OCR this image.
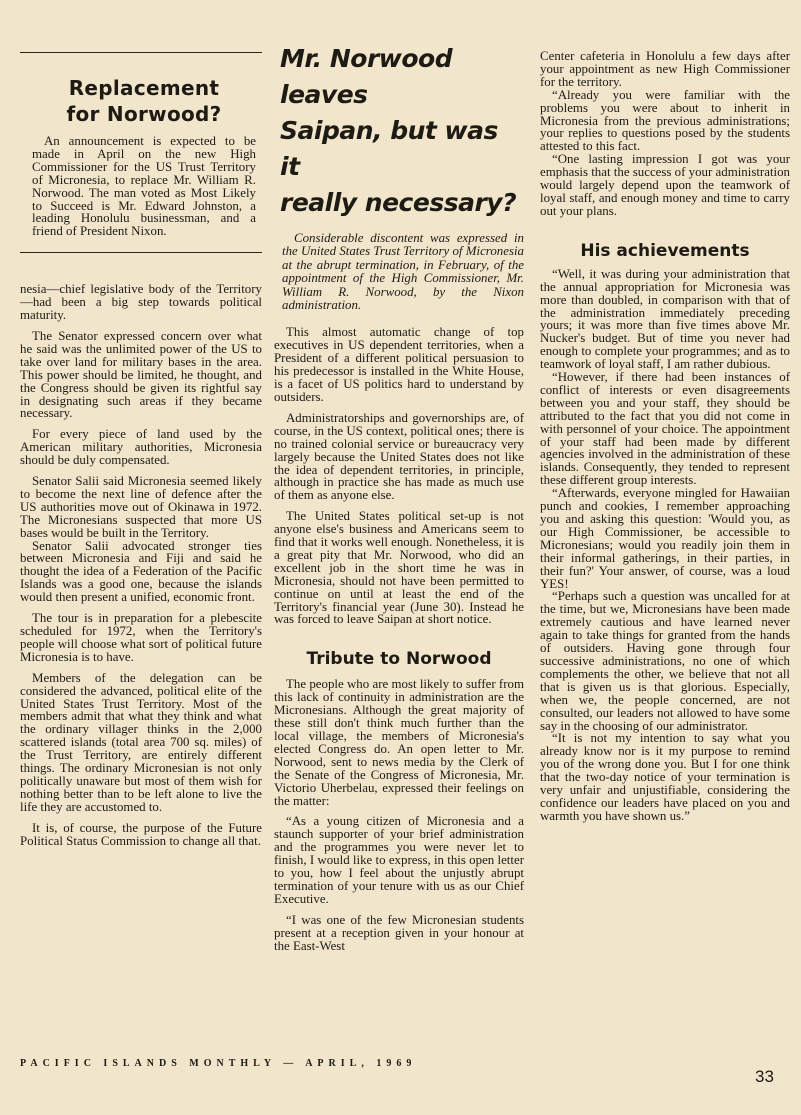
Replacement

for Norwood?

An announcement is expected to be made in April on the new High Commissioner for the US Trust Territory of Micronesia, to replace Mr. William R. Norwood. The man voted as Most Likely to Succeed is Mr. Edward Johnston, a leading Honolulu businessman, and a friend of President Nixon.

nesia—chief legislative body of the Territory—had been a big step towards political maturity.

The Senator expressed concern over what he said was the unlimited power of the US to take over land for military bases in the area. This power should be limited, he thought, and the Congress should be given its rightful say in designating such areas if they became necessary.

For every piece of land used by the American military authorities, Micronesia should be duly compensated.

Senator Salii said Micronesia seemed likely to become the next line of defence after the US authorities move out of Okinawa in 1972. The Micronesians suspected that more US bases would be built in the Territory.

Senator Salii advocated stronger ties between Micronesia and Fiji and said he thought the idea of a Federation of the Pacific Islands was a good one, because the islands would then present a unified, economic front.

The tour is in preparation for a plebescite scheduled for 1972, when the Territory's people will choose what sort of political future Micronesia is to have.

Members of the delegation can be considered the advanced, political elite of the United States Trust Territory. Most of the members admit that what they think and what the ordinary villager thinks in the 2,000 scattered islands (total area 700 sq. miles) of the Trust Territory, are entirely different things. The ordinary Micronesian is not only politically unaware but most of them wish for nothing better than to be left alone to live the life they are accustomed to.

It is, of course, the purpose of the Future Political Status Commission to change all that.

Mr. Norwood leaves

Saipan, but was it

really necessary?

Considerable discontent was expressed in the United States Trust Territory of Micronesia at the abrupt termination, in February, of the appointment of the High Commissioner, Mr. William R. Norwood, by the Nixon administration.

This almost automatic change of top executives in US dependent territories, when a President of a different political persuasion to his predecessor is installed in the White House, is a facet of US politics hard to understand by outsiders.

Administratorships and governorships are, of course, in the US context, political ones; there is no trained colonial service or bureaucracy very largely because the United States does not like the idea of dependent territories, in principle, although in practice she has made as much use of them as anyone else.

The United States political set-up is not anyone else's business and Americans seem to find that it works well enough. Nonetheless, it is a great pity that Mr. Norwood, who did an excellent job in the short time he was in Micronesia, should not have been permitted to continue on until at least the end of the Territory's financial year (June 30). Instead he was forced to leave Saipan at short notice.

Tribute to Norwood

The people who are most likely to suffer from this lack of continuity in administration are the Micronesians. Although the great majority of these still don't think much further than the local village, the members of Micronesia's elected Congress do. An open letter to Mr. Norwood, sent to news media by the Clerk of the Senate of the Congress of Micronesia, Mr. Victorio Uherbelau, expressed their feelings on the matter:

“As a young citizen of Micronesia and a staunch supporter of your brief administration and the programmes you were never let to finish, I would like to express, in this open letter to you, how I feel about the unjustly abrupt termination of your tenure with us as our Chief Executive.

“I was one of the few Micronesian students present at a reception given in your honour at the East-West

Center cafeteria in Honolulu a few days after your appointment as new High Commissioner for the territory.

“Already you were familiar with the problems you were about to inherit in Micronesia from the previous administrations; your replies to questions posed by the students attested to this fact.

“One lasting impression I got was your emphasis that the success of your administration would largely depend upon the teamwork of loyal staff, and enough money and time to carry out your plans.

His achievements

“Well, it was during your administration that the annual appropriation for Micronesia was more than doubled, in comparison with that of the administration immediately preceding yours; it was more than five times above Mr. Nucker's budget. But of time you never had enough to complete your programmes; and as to teamwork of loyal staff, I am rather dubious.

“However, if there had been instances of conflict of interests or even disagreements between you and your staff, they should be attributed to the fact that you did not come in with personnel of your choice. The appointment of your staff had been made by different agencies involved in the administration of these islands. Consequently, they tended to represent these different group interests.

“Afterwards, everyone mingled for Hawaiian punch and cookies, I remember approaching you and asking this question: 'Would you, as our High Commissioner, be accessible to Micronesians; would you readily join them in their informal gatherings, in their parties, in their fun?' Your answer, of course, was a loud YES!

“Perhaps such a question was uncalled for at the time, but we, Micronesians have been made extremely cautious and have learned never again to take things for granted from the hands of outsiders. Having gone through four successive administrations, no one of which complements the other, we believe that not all that is given us is that glorious. Especially, when we, the people concerned, are not consulted, our leaders not allowed to have some say in the choosing of our administrator.

“It is not my intention to say what you already know nor is it my purpose to remind you of the wrong done you. But I for one think that the two-day notice of your termination is very unfair and unjustifiable, considering the confidence our leaders have placed on you and warmth you have shown us.”

PACIFIC ISLANDS MONTHLY — APRIL, 1969
33
